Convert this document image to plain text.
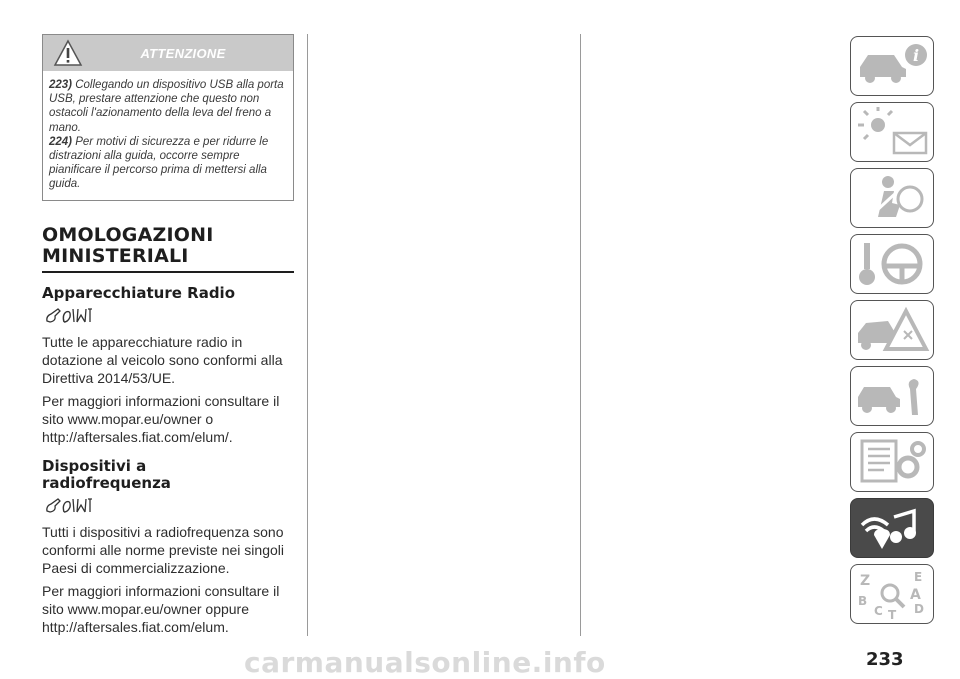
ATTENZIONE

223) Collegando un dispositivo USB alla porta USB, prestare attenzione che questo non ostacoli l'azionamento della leva del freno a mano.

224) Per motivi di sicurezza e per ridurre le distrazioni alla guida, occorre sempre pianificare il percorso prima di mettersi alla guida.

OMOLOGAZIONI
MINISTERIALI
Apparecchiature Radio

Tutte le apparecchiature radio in dotazione al veicolo sono conformi alla Direttiva 2014/53/UE.

Per maggiori informazioni consultare il sito www.mopar.eu/owner o http://aftersales.fiat.com/elum/.

Dispositivi a
radiofrequenza

Tutti i dispositivi a radiofrequenza sono conformi alle norme previste nei singoli Paesi di commercializzazione.

Per maggiori informazioni consultare il sito www.mopar.eu/owner oppure http://aftersales.fiat.com/elum.

i
Z	E
B	A
C	D
T
233
carmanualsonline.info
